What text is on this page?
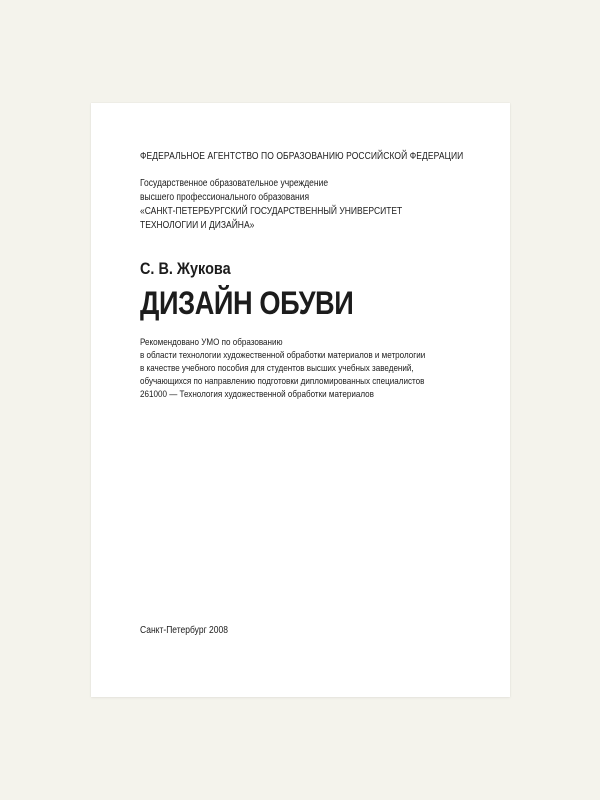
ФЕДЕРАЛЬНОЕ АГЕНТСТВО ПО ОБРАЗОВАНИЮ РОССИЙСКОЙ ФЕДЕРАЦИИ
Государственное образовательное учреждение
высшего профессионального образования
«САНКТ-ПЕТЕРБУРГСКИЙ ГОСУДАРСТВЕННЫЙ УНИВЕРСИТЕТ
ТЕХНОЛОГИИ И ДИЗАЙНА»
С. В. Жукова
ДИЗАЙН ОБУВИ
Рекомендовано УМО по образованию
в области технологии художественной обработки материалов и метрологии
в качестве учебного пособия для студентов высших учебных заведений,
обучающихся по направлению подготовки дипломированных специалистов
261000 — Технология художественной обработки материалов
Санкт-Петербург 2008
